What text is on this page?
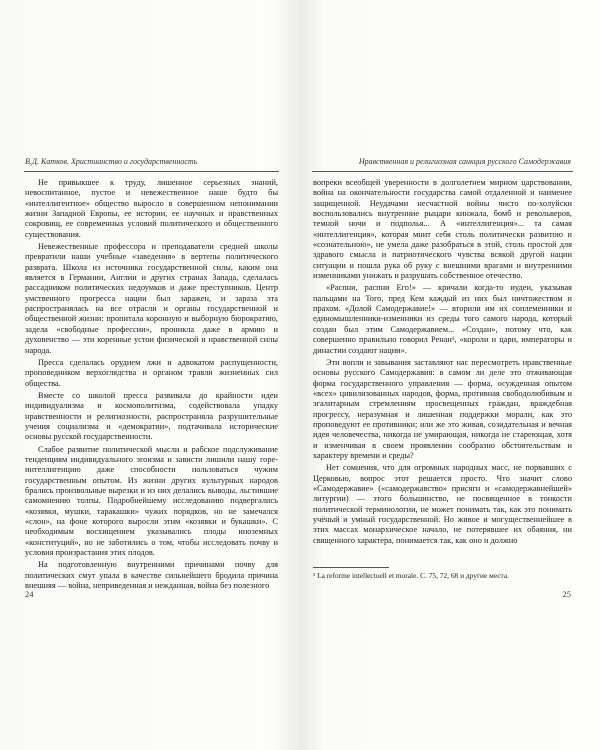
В.Д. Катков. Христианство и государственность

Не привыкшее к труду, лишенное серьезных знаний, невоспитанное, пустое и невежественное наше будто бы «интеллигентное» общество выросло в совершенном непонимании жизни Западной Европы, ее истории, ее научных и нравственных сокровищ, ее современных условий политического и общественного существования.

Невежественные профессора и преподаватели средней школы превратили наши учебные «заведения» в вертепы политического разврата. Школа из источника государственной силы, каким она является в Германии, Англии и других странах Запада, сделалась рассадником политических недоумков и даже преступников. Центр умственного прогресса нации был заражен, и зараза эта распространялась на все отрасли и органы государственной и общественной жизни: пропитала коронную и выборную бюрократию, задела «свободные профессии», проникла даже в армию и духовенство — эти коренные устои физической и нравственной силы народа.

Пресса сделалась орудием лжи и адвокатом распущенности, проповедником верхоглядства и органом травли жизненных сил общества.

Вместе со школой пресса развивала до крайности идеи индивидуализма и космополитизма, содействовала упадку нравственности и религиозности, распространяла разрушительные учения социализма и «демократии», подтачивала исторические основы русской государственности.

Слабое развитие политической мысли и рабское подслуживание тенденциям индивидуального эгоизма и зависти лишили нашу горе-интеллигенцию даже способности пользоваться чужим государственным опытом. Из жизни других культурных народов брались произвольные вырезки и из них делались выводы, льстившие самомнению толпы. Подробнейшему исследованию подвергались «козявки, мушки, таракашки» чужих порядков, но не замечался «слон», на фоне которого выросли этим «козявки и букашки». С необходимым восхищением указывались плоды иноземных «конституций», но не заботились о том, чтобы исследовать почву и условия произрастания этих плодов.

На подготовленную внутренними причинами почву для политических смут упала в качестве сильнейшего бродила причина внешняя — война, неприведенная и нежданная, война без полезного

24
Нравственная и религиозная санкция русского Самодержавия

вопреки всеобщей уверенности в долголетнем мирном царствовании, война на окончательности государства самой отдаленной и наименее защищенной. Неудачами несчастной войны чисто по-холуйски воспользовались внутренние рыцари кинжала, бомб и револьверов, темной ночи и подполья... А «интеллигенция»... та самая «интеллигенция», которая мнит себя столь политически развитою и «сознательною», не умела даже разобраться в этой, столь простой для здравого смысла и патриотического чувства всякой другой нации ситуации и пошла рука об руку с внешними врагами и внутренними изменниками унижать и разрушать собственное отечество.

«Распни, распни Его!» — кричали когда-то иудеи, указывая пальцами на Того, пред Кем каждый из них был ничтожеством и прахом. «Долой Самодержавие!» — вторили им их соплеменники и единомышленники-изменники из среды того самого народа, который создан был этим Самодержавием... «Создан», потому что, как совершенно правильно говорил Ренан¹, «короли и цари, императоры и династии создают нации».

Эти вопли и завывания заставляют нас пересмотреть нравственные основы русского Самодержавия: в самом ли деле это отживающая форма государственного управления — форма, осужденная опытом «всех» цивилизованных народов, форма, противная свободолюбивым и эгалитарным стремлениям просвещенных граждан, враждебная прогрессу, неразумная и лишенная поддержки морали, как это проповедуют ее противники; или же это живая, созидательная и вечная идея человечества, никогда не умирающая, никогда не стареющая, хотя и изменчивая в своем проявлении сообразно обстоятельствам и характеру времени и среды?

Нет сомнения, что для огромных народных масс, не порвавших с Церковью, вопрос этот решается просто. Что значит слово «Самодержавие» («самодержавство» присягн и «самодержавнейшей» литургии) — этого большинство, не посвященное в тонкости политической терминологии, не может понимать так, как это понимать учёный и умный государственной. Но живое и могущественнейшее в этих массах монархическое начало, не потерявшее их обаяния, ни священного характера, понимается так, как оно и должно

¹ La reforme intellectuell et morale. С. 75, 72, 68 и другие места.
25
